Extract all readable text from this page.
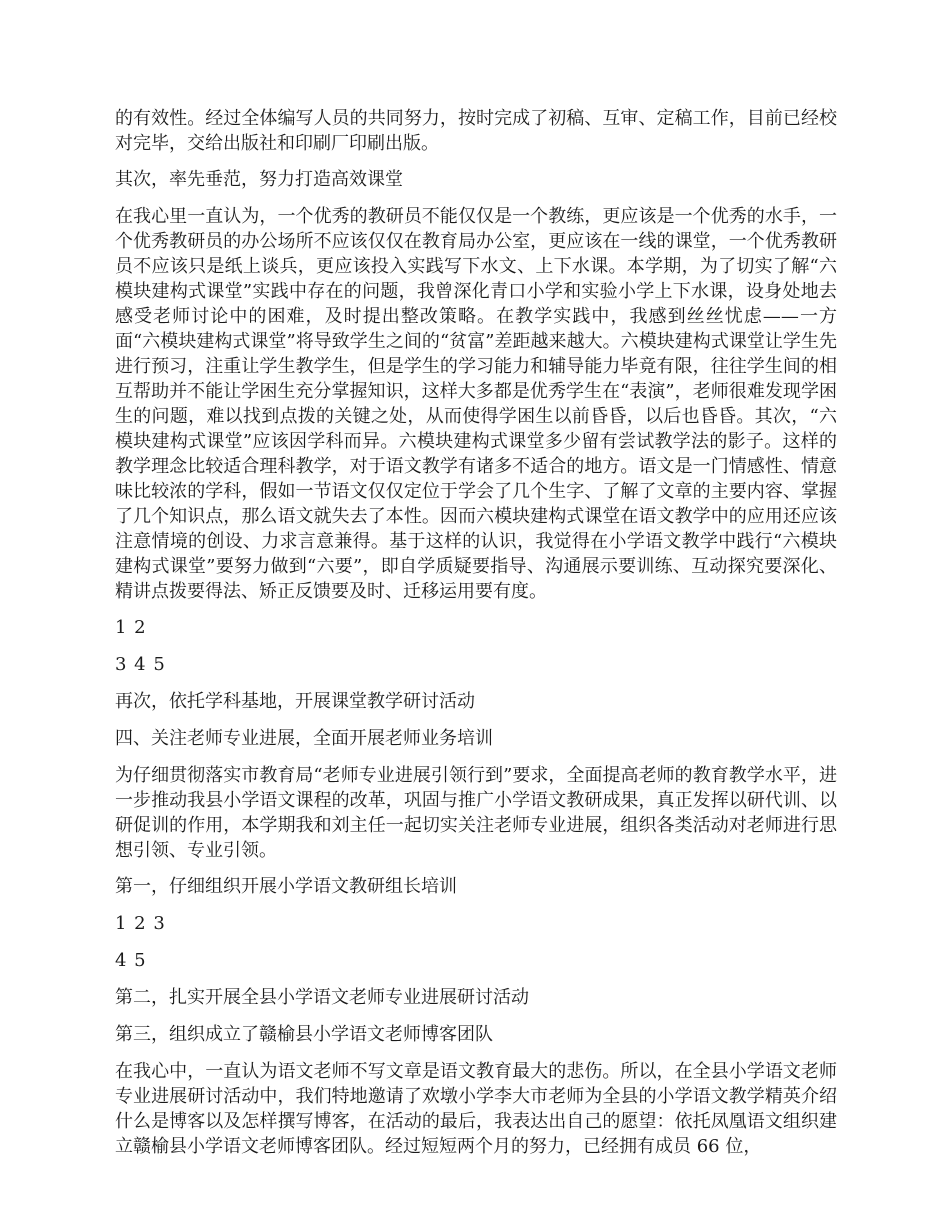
的有效性。经过全体编写人员的共同努力，按时完成了初稿、互审、定稿工作，目前已经校对完毕，交给出版社和印刷厂印刷出版。

其次，率先垂范，努力打造高效课堂

在我心里一直认为，一个优秀的教研员不能仅仅是一个教练，更应该是一个优秀的水手，一个优秀教研员的办公场所不应该仅仅在教育局办公室，更应该在一线的课堂，一个优秀教研员不应该只是纸上谈兵，更应该投入实践写下水文、上下水课。本学期，为了切实了解“六模块建构式课堂”实践中存在的问题，我曾深化青口小学和实验小学上下水课，设身处地去感受老师讨论中的困难，及时提出整改策略。在教学实践中，我感到丝丝忧虑——一方面“六模块建构式课堂”将导致学生之间的“贫富”差距越来越大。六模块建构式课堂让学生先进行预习，注重让学生教学生，但是学生的学习能力和辅导能力毕竟有限，往往学生间的相互帮助并不能让学困生充分掌握知识，这样大多都是优秀学生在“表演”，老师很难发现学困生的问题，难以找到点拨的关键之处，从而使得学困生以前昏昏，以后也昏昏。其次，“六模块建构式课堂”应该因学科而异。六模块建构式课堂多少留有尝试教学法的影子。这样的教学理念比较适合理科教学，对于语文教学有诸多不适合的地方。语文是一门情感性、情意味比较浓的学科，假如一节语文仅仅定位于学会了几个生字、了解了文章的主要内容、掌握了几个知识点，那么语文就失去了本性。因而六模块建构式课堂在语文教学中的应用还应该注意情境的创设、力求言意兼得。基于这样的认识，我觉得在小学语文教学中践行“六模块建构式课堂”要努力做到“六要”，即自学质疑要指导、沟通展示要训练、互动探究要深化、精讲点拨要得法、矫正反馈要及时、迁移运用要有度。

1 2

3 4 5

再次，依托学科基地，开展课堂教学研讨活动

四、关注老师专业进展，全面开展老师业务培训

为仔细贯彻落实市教育局“老师专业进展引领行到”要求，全面提高老师的教育教学水平，进一步推动我县小学语文课程的改革，巩固与推广小学语文教研成果，真正发挥以研代训、以研促训的作用，本学期我和刘主任一起切实关注老师专业进展，组织各类活动对老师进行思想引领、专业引领。

第一，仔细组织开展小学语文教研组长培训

1 2 3

4 5

第二，扎实开展全县小学语文老师专业进展研讨活动

第三，组织成立了赣榆县小学语文老师博客团队

在我心中，一直认为语文老师不写文章是语文教育最大的悲伤。所以，在全县小学语文老师专业进展研讨活动中，我们特地邀请了欢墩小学李大市老师为全县的小学语文教学精英介绍什么是博客以及怎样撰写博客，在活动的最后，我表达出自己的愿望：依托凤凰语文组织建立赣榆县小学语文老师博客团队。经过短短两个月的努力，已经拥有成员 66 位，
